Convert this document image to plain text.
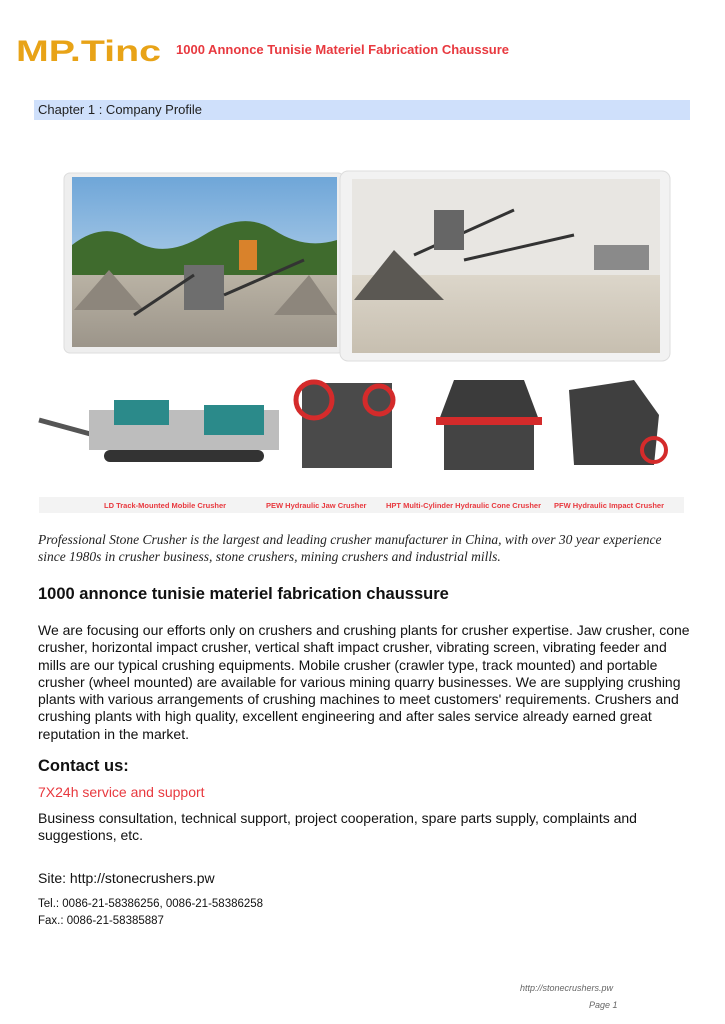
MP.Tinc 1000 Annonce Tunisie Materiel Fabrication Chaussure
Chapter 1 : Company Profile
LD Track-Mounted Mobile Crusher	PEW Hydraulic Jaw Crusher	HPT Multi-Cylinder Hydraulic Cone Crusher PFW Hydraulic Impact Crusher
Professional Stone Crusher is the largest and leading crusher manufacturer in China, with over 30 year experience since 1980s in crusher business, stone crushers, mining crushers and industrial mills.
1000 annonce tunisie materiel fabrication chaussure
We are focusing our efforts only on crushers and crushing plants for crusher expertise. Jaw crusher, cone crusher, horizontal impact crusher, vertical shaft impact crusher, vibrating screen, vibrating feeder and mills are our typical crushing equipments. Mobile crusher (crawler type, track mounted) and portable crusher (wheel mounted) are available for various mining quarry businesses. We are supplying crushing plants with various arrangements of crushing machines to meet customers' requirements. Crushers and crushing plants with high quality, excellent engineering and after sales service already earned great reputation in the market.
Contact us:
7X24h service and support
Business consultation, technical support, project cooperation, spare parts supply, complaints and suggestions, etc.
Site: http://stonecrushers.pw
Tel.: 0086-21-58386256, 0086-21-58386258
Fax.: 0086-21-58385887
http://stonecrushers.pw
Page 1
